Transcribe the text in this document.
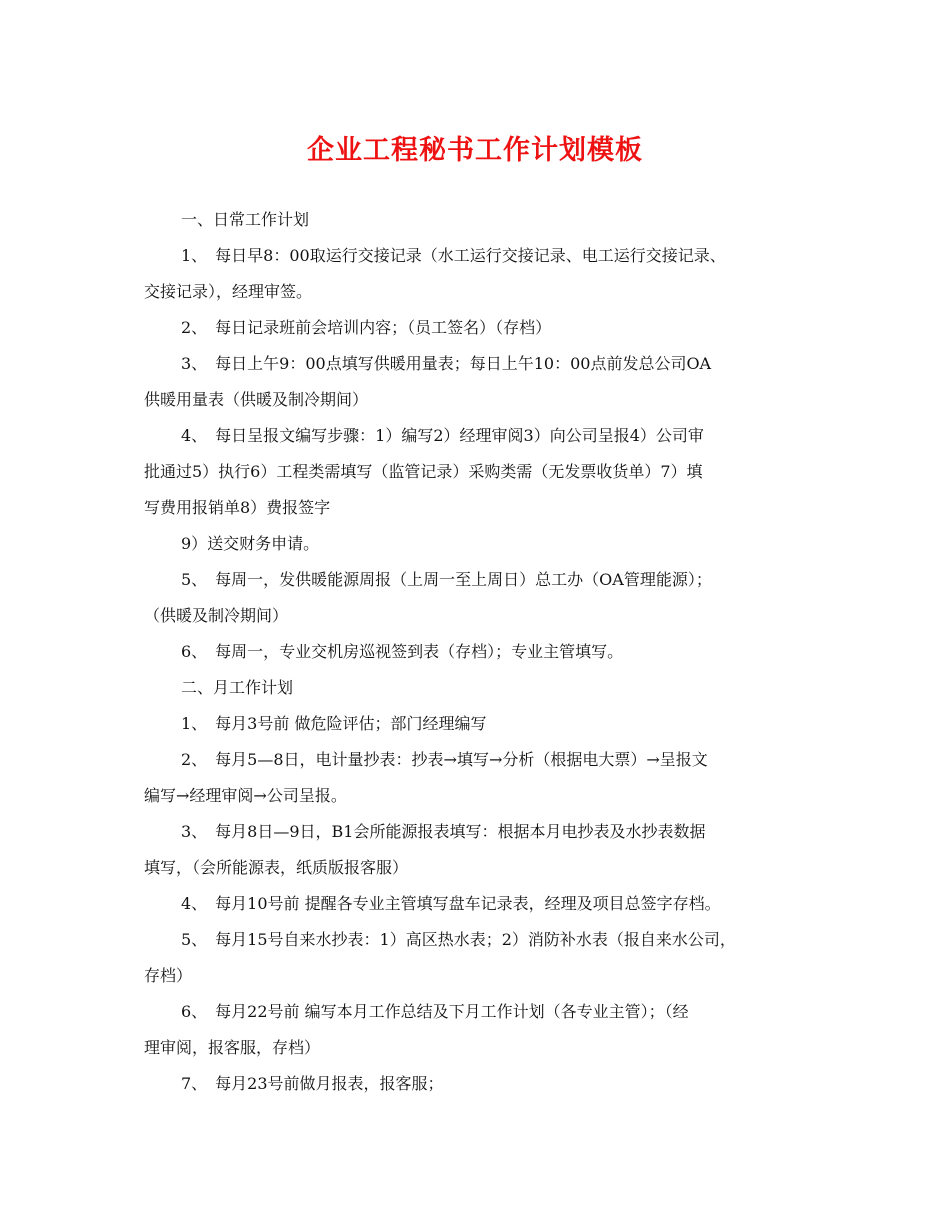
企业工程秘书工作计划模板

一、日常工作计划

1、　每日早8：00取运行交接记录（水工运行交接记录、电工运行交接记录、
交接记录），经理审签。

2、　每日记录班前会培训内容；（员工签名）（存档）

3、　每日上午9：00点填写供暖用量表；每日上午10：00点前发总公司OA
供暖用量表（供暖及制冷期间）

4、　每日呈报文编写步骤：1）编写2）经理审阅3）向公司呈报4）公司审
批通过5）执行6）工程类需填写（监管记录）采购类需（无发票收货单）7）填
写费用报销单8）费报签字

9）送交财务申请。

5、　每周一，发供暖能源周报（上周一至上周日）总工办（OA管理能源）；
（供暖及制冷期间）

6、　每周一，专业交机房巡视签到表（存档）；专业主管填写。

二、月工作计划

1、　每月3号前 做危险评估；部门经理编写

2、　每月5—8日，电计量抄表：抄表→填写→分析（根据电大票）→呈报文
编写→经理审阅→公司呈报。

3、　每月8日—9日，B1会所能源报表填写：根据本月电抄表及水抄表数据
填写，（会所能源表，纸质版报客服）

4、　每月10号前 提醒各专业主管填写盘车记录表，经理及项目总签字存档。

5、　每月15号自来水抄表：1）高区热水表；2）消防补水表（报自来水公司，
存档）

6、　每月22号前 编写本月工作总结及下月工作计划（各专业主管）；（经
理审阅，报客服，存档）

7、　每月23号前做月报表，报客服；
